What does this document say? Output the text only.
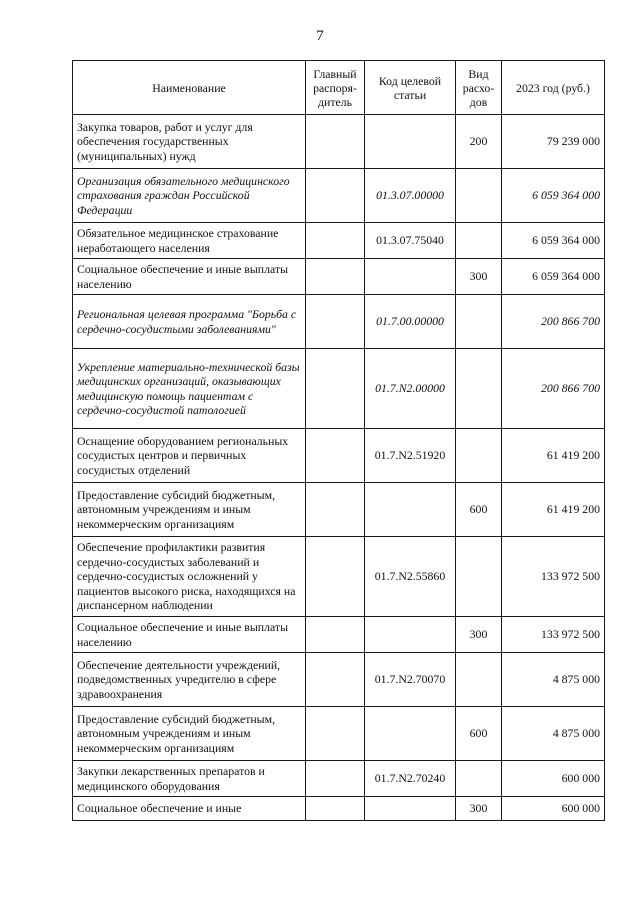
7
Наименование	Главный распоря-дитель	Код целевой статьи	Вид расхо-дов	2023 год (руб.)
Закупка товаров, работ и услуг для обеспечения государственных (муниципальных) нужд			200	79 239 000
Организация обязательного медицинского страхования граждан Российской Федерации		01.3.07.00000		6 059 364 000
Обязательное медицинское страхование неработающего населения		01.3.07.75040		6 059 364 000
Социальное обеспечение и иные выплаты населению			300	6 059 364 000
Региональная целевая программа "Борьба с сердечно-сосудистыми заболеваниями"		01.7.00.00000		200 866 700
Укрепление материально-технической базы медицинских организаций, оказывающих медицинскую помощь пациентам с сердечно-сосудистой патологией		01.7.N2.00000		200 866 700
Оснащение оборудованием региональных сосудистых центров и первичных сосудистых отделений		01.7.N2.51920		61 419 200
Предоставление субсидий бюджетным, автономным учреждениям и иным некоммерческим организациям			600	61 419 200
Обеспечение профилактики развития сердечно-сосудистых заболеваний и сердечно-сосудистых осложнений у пациентов высокого риска, находящихся на диспансерном наблюдении		01.7.N2.55860		133 972 500
Социальное обеспечение и иные выплаты населению			300	133 972 500
Обеспечение деятельности учреждений, подведомственных учредителю в сфере здравоохранения		01.7.N2.70070		4 875 000
Предоставление субсидий бюджетным, автономным учреждениям и иным некоммерческим организациям			600	4 875 000
Закупки лекарственных препаратов и медицинского оборудования		01.7.N2.70240		600 000
Социальное обеспечение и иные			300	600 000
